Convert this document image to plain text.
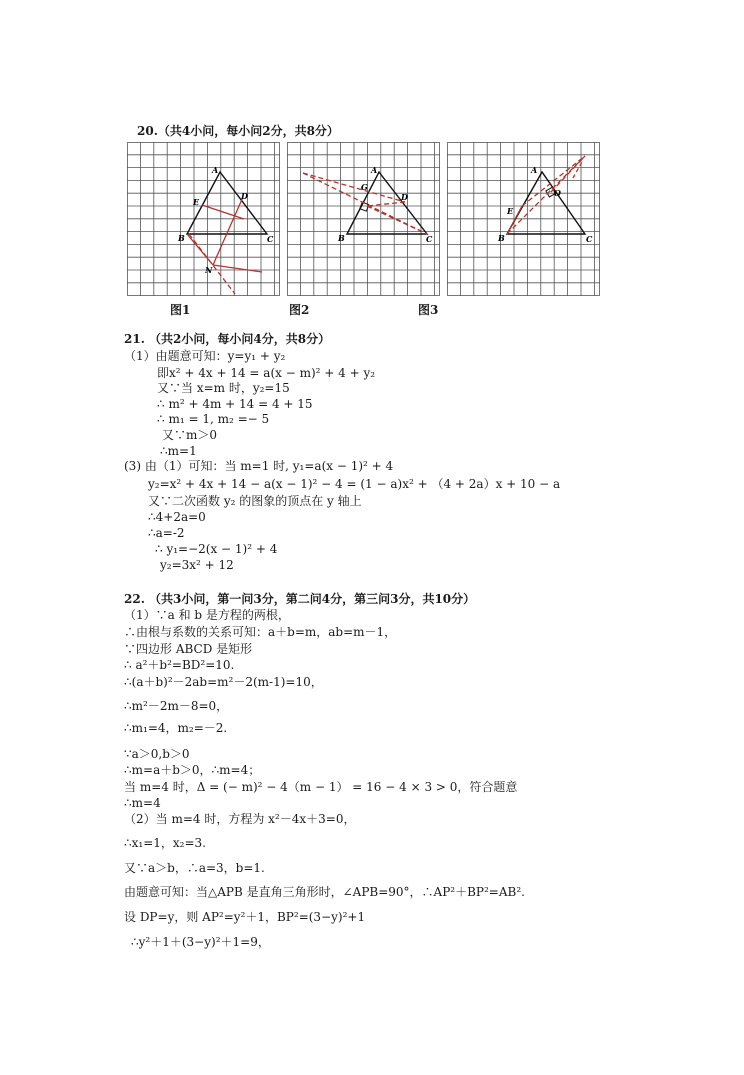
20.（共4小问，每小问2分，共8分）
A
E
D
B	C
N
A
G
D
B	C
A
E
O
B	C
图1	图2	图3
21. （共2小问，每小问4分，共8分）
（1）由题意可知：y=y₁ + y₂
即x² + 4x + 14 = a(x − m)² + 4 + y₂
又∵当 x=m 时，y₂=15
∴ m² + 4m + 14 = 4 + 15
∴ m₁ = 1, m₂ =− 5
又∵m＞0
∴m=1
(3) 由（1）可知：当 m=1 时, y₁=a(x − 1)² + 4
y₂=x² + 4x + 14 − a(x − 1)² − 4 = (1 − a)x² + （4 + 2a）x + 10 − a
又∵二次函数 y₂ 的图象的顶点在 y 轴上
∴4+2a=0
∴a=-2
∴ y₁=−2(x − 1)² + 4
y₂=3x² + 12
22. （共3小问，第一问3分，第二问4分，第三问3分，共10分）
（1）∵a 和 b 是方程的两根，
∴由根与系数的关系可知：a＋b=m，ab=m－1，
∵四边形 ABCD 是矩形
∴ a²＋b²=BD²=10.
∴(a＋b)²－2ab=m²－2(m-1)=10，
∴m²－2m－8=0，
∴m₁=4，m₂=－2.
∵a＞0,b＞0
∴m=a＋b＞0，∴m=4；
当 m=4 时，Δ = (− m)² − 4（m − 1） = 16 − 4 × 3 > 0，符合题意
∴m=4
（2）当 m=4 时，方程为 x²－4x＋3=0，
∴x₁=1，x₂=3.
又∵a＞b，∴a=3，b=1.
由题意可知：当△APB 是直角三角形时，∠APB=90°，∴AP²＋BP²=AB².
设 DP=y，则 AP²=y²＋1，BP²=(3−y)²+1
∴y²＋1＋(3−y)²＋1=9，
